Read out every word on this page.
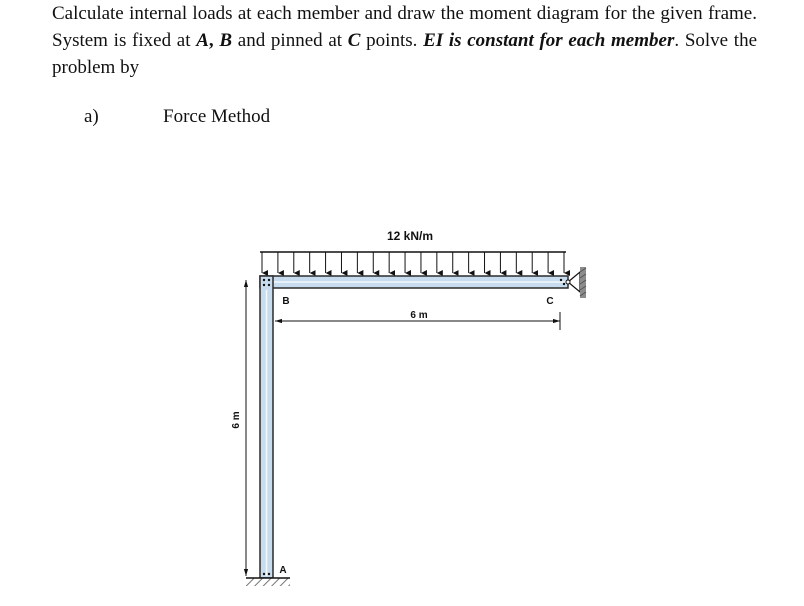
Calculate internal loads at each member and draw the moment diagram for the given frame. System is fixed at A, B and pinned at C points. EI is constant for each member. Solve the problem by
a)	Force Method
12 kN/m
B	C
A
6 m
6 m
